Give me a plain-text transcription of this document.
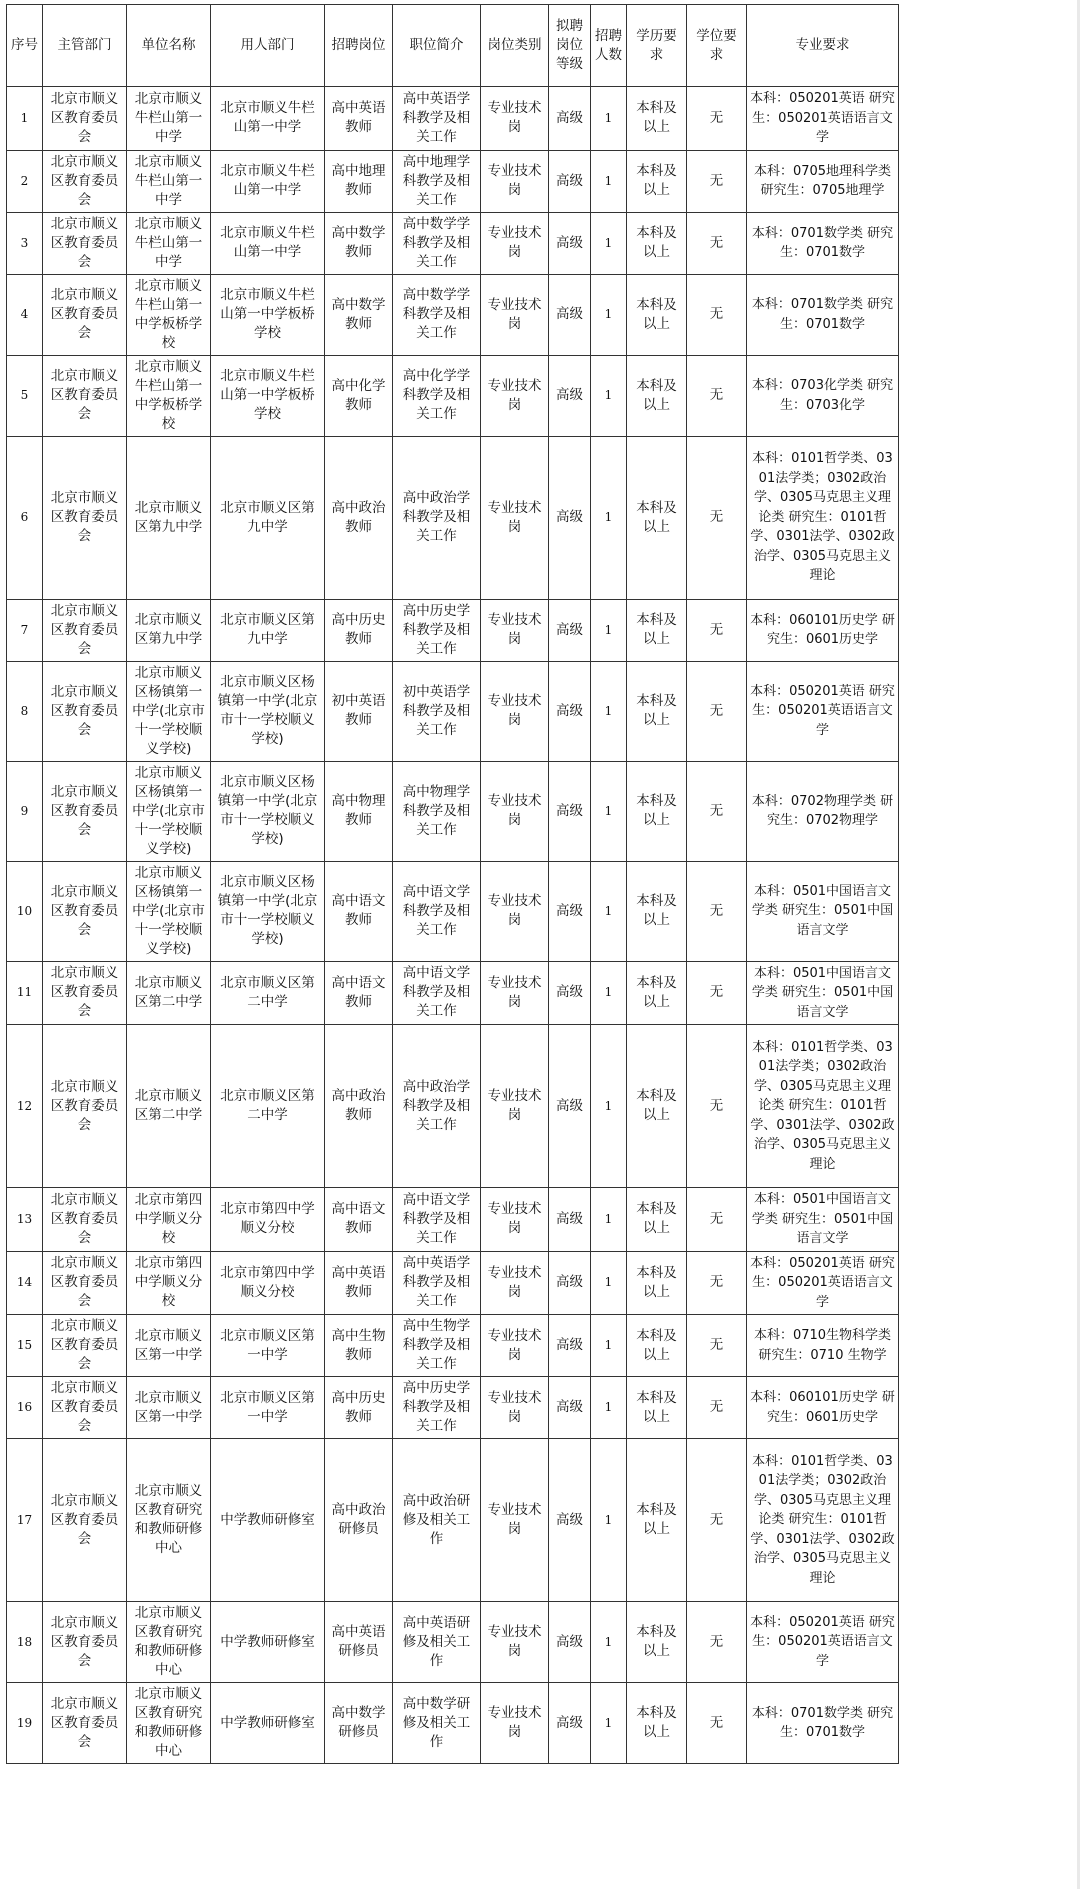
序号	主管部门	单位名称	用人部门	招聘岗位	职位简介	岗位类别	拟聘岗位等级	招聘人数	学历要求	学位要求	专业要求
1	北京市顺义区教育委员会	北京市顺义牛栏山第一中学	北京市顺义牛栏山第一中学	高中英语教师	高中英语学科教学及相关工作	专业技术岗	高级	1	本科及以上	无	本科：050201英语 研究生：050201英语语言文学
2	北京市顺义区教育委员会	北京市顺义牛栏山第一中学	北京市顺义牛栏山第一中学	高中地理教师	高中地理学科教学及相关工作	专业技术岗	高级	1	本科及以上	无	本科：0705地理科学类 研究生：0705地理学
3	北京市顺义区教育委员会	北京市顺义牛栏山第一中学	北京市顺义牛栏山第一中学	高中数学教师	高中数学学科教学及相关工作	专业技术岗	高级	1	本科及以上	无	本科：0701数学类 研究生：0701数学
4	北京市顺义区教育委员会	北京市顺义牛栏山第一中学板桥学校	北京市顺义牛栏山第一中学板桥学校	高中数学教师	高中数学学科教学及相关工作	专业技术岗	高级	1	本科及以上	无	本科：0701数学类 研究生：0701数学
5	北京市顺义区教育委员会	北京市顺义牛栏山第一中学板桥学校	北京市顺义牛栏山第一中学板桥学校	高中化学教师	高中化学学科教学及相关工作	专业技术岗	高级	1	本科及以上	无	本科：0703化学类 研究生：0703化学
6	北京市顺义区教育委员会	北京市顺义区第九中学	北京市顺义区第九中学	高中政治教师	高中政治学科教学及相关工作	专业技术岗	高级	1	本科及以上	无	本科：0101哲学类、0301法学类；0302政治学、0305马克思主义理论类 研究生：0101哲学、0301法学、0302政治学、0305马克思主义理论
7	北京市顺义区教育委员会	北京市顺义区第九中学	北京市顺义区第九中学	高中历史教师	高中历史学科教学及相关工作	专业技术岗	高级	1	本科及以上	无	本科：060101历史学 研究生：0601历史学
8	北京市顺义区教育委员会	北京市顺义区杨镇第一中学(北京市十一学校顺义学校)	北京市顺义区杨镇第一中学(北京市十一学校顺义学校)	初中英语教师	初中英语学科教学及相关工作	专业技术岗	高级	1	本科及以上	无	本科：050201英语 研究生：050201英语语言文学
9	北京市顺义区教育委员会	北京市顺义区杨镇第一中学(北京市十一学校顺义学校)	北京市顺义区杨镇第一中学(北京市十一学校顺义学校)	高中物理教师	高中物理学科教学及相关工作	专业技术岗	高级	1	本科及以上	无	本科：0702物理学类 研究生：0702物理学
10	北京市顺义区教育委员会	北京市顺义区杨镇第一中学(北京市十一学校顺义学校)	北京市顺义区杨镇第一中学(北京市十一学校顺义学校)	高中语文教师	高中语文学科教学及相关工作	专业技术岗	高级	1	本科及以上	无	本科：0501中国语言文学类 研究生：0501中国语言文学
11	北京市顺义区教育委员会	北京市顺义区第二中学	北京市顺义区第二中学	高中语文教师	高中语文学科教学及相关工作	专业技术岗	高级	1	本科及以上	无	本科：0501中国语言文学类 研究生：0501中国语言文学
12	北京市顺义区教育委员会	北京市顺义区第二中学	北京市顺义区第二中学	高中政治教师	高中政治学科教学及相关工作	专业技术岗	高级	1	本科及以上	无	本科：0101哲学类、0301法学类；0302政治学、0305马克思主义理论类 研究生：0101哲学、0301法学、0302政治学、0305马克思主义理论
13	北京市顺义区教育委员会	北京市第四中学顺义分校	北京市第四中学顺义分校	高中语文教师	高中语文学科教学及相关工作	专业技术岗	高级	1	本科及以上	无	本科：0501中国语言文学类 研究生：0501中国语言文学
14	北京市顺义区教育委员会	北京市第四中学顺义分校	北京市第四中学顺义分校	高中英语教师	高中英语学科教学及相关工作	专业技术岗	高级	1	本科及以上	无	本科：050201英语 研究生：050201英语语言文学
15	北京市顺义区教育委员会	北京市顺义区第一中学	北京市顺义区第一中学	高中生物教师	高中生物学科教学及相关工作	专业技术岗	高级	1	本科及以上	无	本科：0710生物科学类 研究生：0710 生物学
16	北京市顺义区教育委员会	北京市顺义区第一中学	北京市顺义区第一中学	高中历史教师	高中历史学科教学及相关工作	专业技术岗	高级	1	本科及以上	无	本科：060101历史学 研究生：0601历史学
17	北京市顺义区教育委员会	北京市顺义区教育研究和教师研修中心	中学教师研修室	高中政治研修员	高中政治研修及相关工作	专业技术岗	高级	1	本科及以上	无	本科：0101哲学类、0301法学类；0302政治学、0305马克思主义理论类 研究生：0101哲学、0301法学、0302政治学、0305马克思主义理论
18	北京市顺义区教育委员会	北京市顺义区教育研究和教师研修中心	中学教师研修室	高中英语研修员	高中英语研修及相关工作	专业技术岗	高级	1	本科及以上	无	本科：050201英语 研究生：050201英语语言文学
19	北京市顺义区教育委员会	北京市顺义区教育研究和教师研修中心	中学教师研修室	高中数学研修员	高中数学研修及相关工作	专业技术岗	高级	1	本科及以上	无	本科：0701数学类 研究生：0701数学
